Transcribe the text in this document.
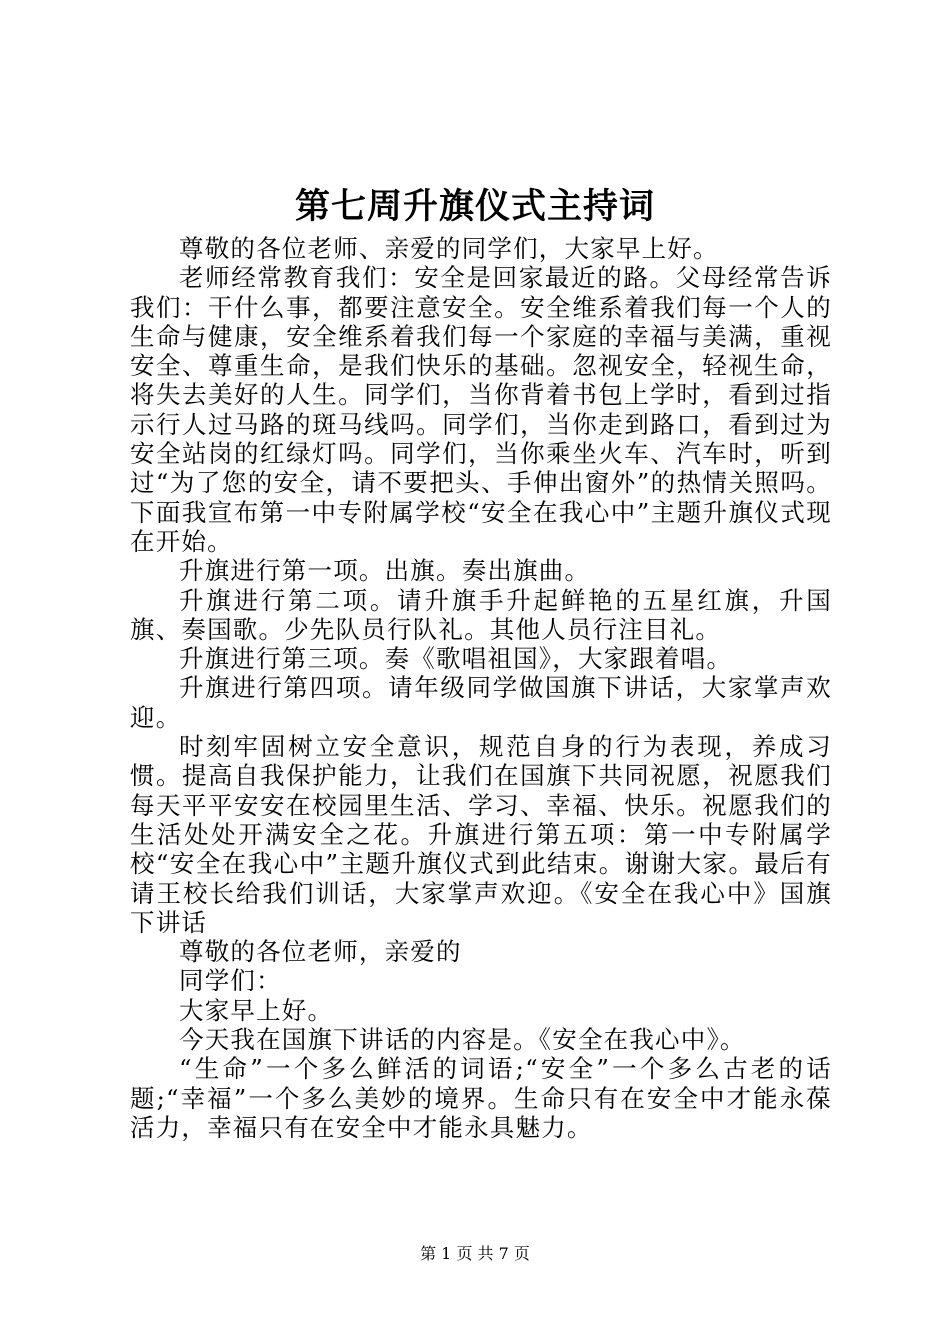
第七周升旗仪式主持词

尊敬的各位老师、亲爱的同学们，大家早上好。

老师经常教育我们：安全是回家最近的路。父母经常告诉我们：干什么事，都要注意安全。安全维系着我们每一个人的生命与健康，安全维系着我们每一个家庭的幸福与美满，重视安全、尊重生命，是我们快乐的基础。忽视安全，轻视生命，将失去美好的人生。同学们，当你背着书包上学时，看到过指示行人过马路的斑马线吗。同学们，当你走到路口，看到过为安全站岗的红绿灯吗。同学们，当你乘坐火车、汽车时，听到过“为了您的安全，请不要把头、手伸出窗外”的热情关照吗。下面我宣布第一中专附属学校“安全在我心中”主题升旗仪式现在开始。

升旗进行第一项。出旗。奏出旗曲。

升旗进行第二项。请升旗手升起鲜艳的五星红旗，升国旗、奏国歌。少先队员行队礼。其他人员行注目礼。

升旗进行第三项。奏《歌唱祖国》，大家跟着唱。

升旗进行第四项。请年级同学做国旗下讲话，大家掌声欢迎。

时刻牢固树立安全意识，规范自身的行为表现，养成习惯。提高自我保护能力，让我们在国旗下共同祝愿，祝愿我们每天平平安安在校园里生活、学习、幸福、快乐。祝愿我们的生活处处开满安全之花。升旗进行第五项：第一中专附属学校“安全在我心中”主题升旗仪式到此结束。谢谢大家。最后有请王校长给我们训话，大家掌声欢迎。《安全在我心中》国旗下讲话

尊敬的各位老师，亲爱的

同学们：

大家早上好。

今天我在国旗下讲话的内容是。《安全在我心中》。

“生命”一个多么鲜活的词语;“安全”一个多么古老的话题;“幸福”一个多么美妙的境界。生命只有在安全中才能永葆活力，幸福只有在安全中才能永具魅力。

第 1 页 共 7 页
